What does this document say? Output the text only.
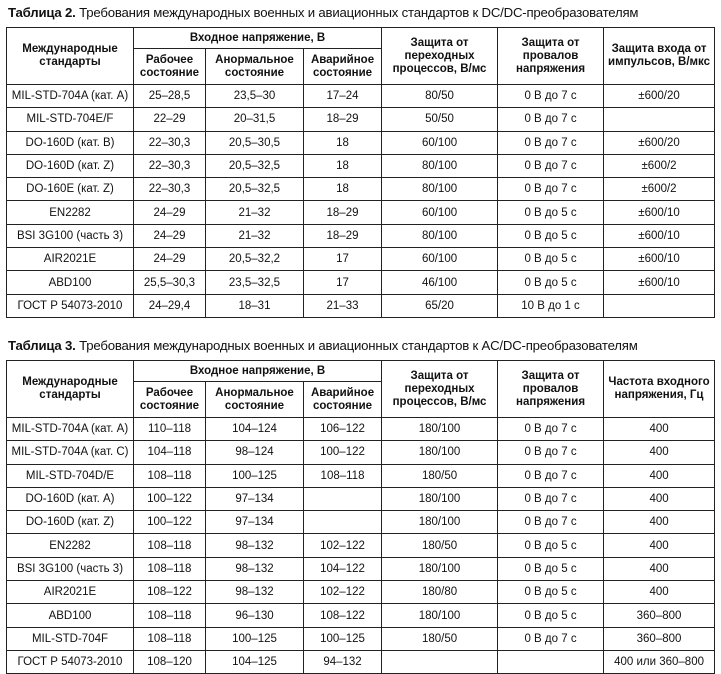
Таблица 2. Требования международных военных и авиационных стандартов к DC/DC-преобразователям
Международные стандарты	Входное напряжение, В			Защита от переходных процессов, В/мс	Защита от провалов напряжения	Защита входа от импульсов, В/мкс
	Рабочее состояние	Анормальное состояние	Аварийное состояние			
MIL-STD-704A (кат. А)	25–28,5	23,5–30	17–24	80/50	0 В до 7 с	±600/20
MIL-STD-704E/F	22–29	20–31,5	18–29	50/50	0 В до 7 с	
DO-160D (кат. В)	22–30,3	20,5–30,5	18	60/100	0 В до 7 с	±600/20
DO-160D (кат. Z)	22–30,3	20,5–32,5	18	80/100	0 В до 7 с	±600/2
DO-160E (кат. Z)	22–30,3	20,5–32,5	18	80/100	0 В до 7 с	±600/2
EN2282	24–29	21–32	18–29	60/100	0 В до 5 с	±600/10
BSI 3G100 (часть 3)	24–29	21–32	18–29	80/100	0 В до 5 с	±600/10
AIR2021E	24–29	20,5–32,2	17	60/100	0 В до 5 с	±600/10
ABD100	25,5–30,3	23,5–32,5	17	46/100	0 В до 5 с	±600/10
ГОСТ Р 54073-2010	24–29,4	18–31	21–33	65/20	10 В до 1 с	
Таблица 3. Требования международных военных и авиационных стандартов к AC/DC-преобразователям
Международные стандарты	Входное напряжение, В			Защита от переходных процессов, В/мс	Защита от провалов напряжения	Частота входного напряжения, Гц
	Рабочее состояние	Анормальное состояние	Аварийное состояние			
MIL-STD-704A (кат. А)	110–118	104–124	106–122	180/100	0 В до 7 с	400
MIL-STD-704A (кат. С)	104–118	98–124	100–122	180/100	0 В до 7 с	400
MIL-STD-704D/E	108–118	100–125	108–118	180/50	0 В до 7 с	400
DO-160D (кат. А)	100–122	97–134		180/100	0 В до 7 с	400
DO-160D (кат. Z)	100–122	97–134		180/100	0 В до 7 с	400
EN2282	108–118	98–132	102–122	180/50	0 В до 5 с	400
BSI 3G100 (часть 3)	108–118	98–132	104–122	180/100	0 В до 5 с	400
AIR2021E	108–122	98–132	102–122	180/80	0 В до 5 с	400
ABD100	108–118	96–130	108–122	180/100	0 В до 5 с	360–800
MIL-STD-704F	108–118	100–125	100–125	180/50	0 В до 7 с	360–800
ГОСТ Р 54073-2010	108–120	104–125	94–132			400 или 360–800
